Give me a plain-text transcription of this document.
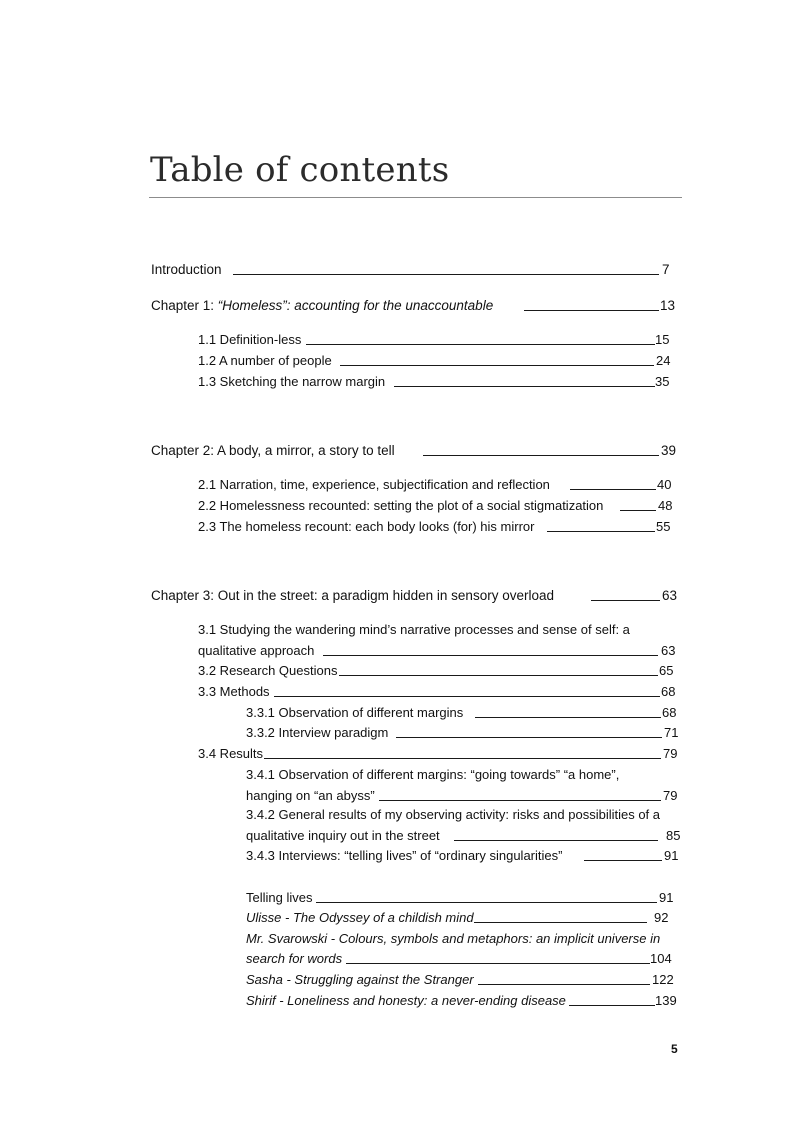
Table of contents
Introduction	7
Chapter 1: “Homeless”: accounting for the unaccountable	13
1.1 Definition-less	15
1.2 A number of people	24
1.3 Sketching the narrow margin	35
Chapter 2: A body, a mirror, a story to tell	39
2.1 Narration, time, experience, subjectification and reflection	40
2.2 Homelessness recounted: setting the plot of a social stigmatization	48
2.3 The homeless recount: each body looks (for) his mirror	55
Chapter 3: Out in the street: a paradigm hidden in sensory overload	63
3.1 Studying the wandering mind’s narrative processes and sense of self: a
qualitative approach	63
3.2 Research Questions	65
3.3 Methods	68
3.3.1 Observation of different margins	68
3.3.2 Interview paradigm	71
3.4 Results	79
3.4.1 Observation of different margins: “going towards” “a home”,
hanging on “an abyss”	79
3.4.2 General results of my observing activity: risks and possibilities of a
qualitative inquiry out in the street	85
3.4.3 Interviews: “telling lives” of “ordinary singularities”	91
Telling lives	91
Ulisse - The Odyssey of a childish mind	92
Mr. Svarowski - Colours, symbols and metaphors: an implicit universe in
search for words	104
Sasha - Struggling against the Stranger	122
Shirif - Loneliness and honesty: a never-ending disease	139
5
